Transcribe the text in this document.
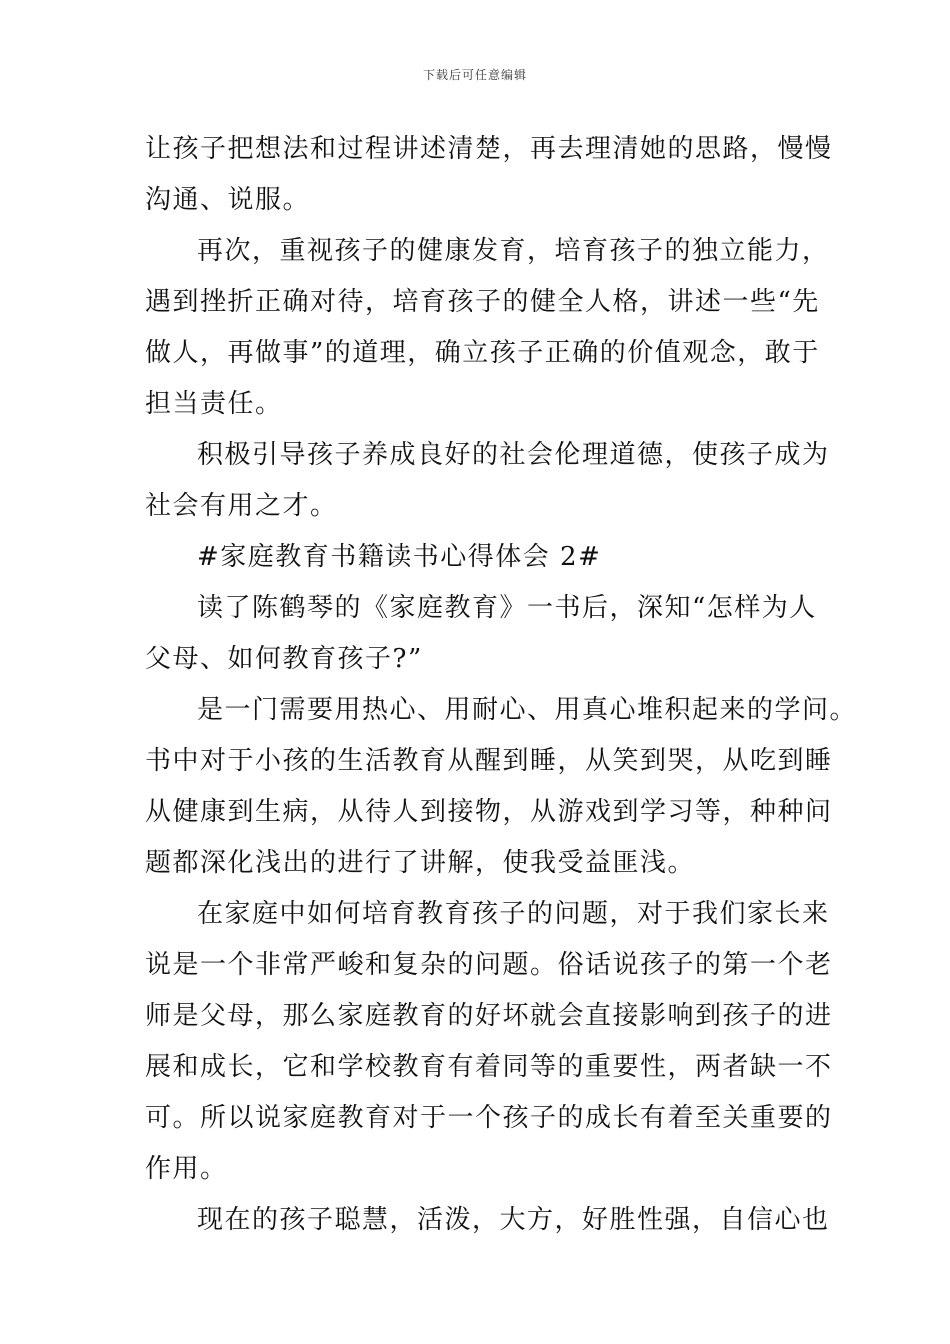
下载后可任意编辑
让孩子把想法和过程讲述清楚，再去理清她的思路，慢慢
沟通、说服。
再次，重视孩子的健康发育，培育孩子的独立能力，
遇到挫折正确对待，培育孩子的健全人格，讲述一些“先
做人，再做事”的道理，确立孩子正确的价值观念，敢于
担当责任。
积极引导孩子养成良好的社会伦理道德，使孩子成为
社会有用之才。
#家庭教育书籍读书心得体会 2#
读了陈鹤琴的《家庭教育》一书后，深知“怎样为人
父母、如何教育孩子?”
是一门需要用热心、用耐心、用真心堆积起来的学问。
书中对于小孩的生活教育从醒到睡，从笑到哭，从吃到睡
从健康到生病，从待人到接物，从游戏到学习等，种种问
题都深化浅出的进行了讲解，使我受益匪浅。
在家庭中如何培育教育孩子的问题，对于我们家长来
说是一个非常严峻和复杂的问题。俗话说孩子的第一个老
师是父母，那么家庭教育的好坏就会直接影响到孩子的进
展和成长，它和学校教育有着同等的重要性，两者缺一不
可。所以说家庭教育对于一个孩子的成长有着至关重要的
作用。
现在的孩子聪慧，活泼，大方，好胜性强，自信心也
